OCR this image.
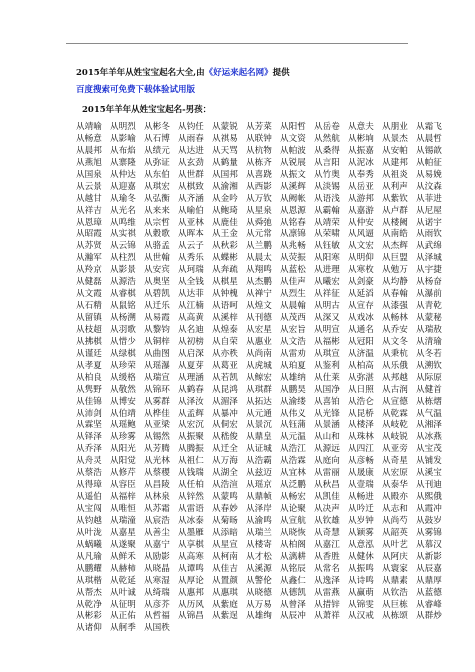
2015年羊年从姓宝宝起名大全,由《好运来起名网》提供
百度搜索可免费下载体验试用版
2015年羊年从姓宝宝起名-男孩：
从靖喻 从明烈 从彬冬 从钧任 从蒙锐 从芳菜 从阳哲 从岳卷 从意夫 从朋业 从霜飞
从畅意 从影喻 从石博 从雨春 从祺易 从联钟 从文资 从然航 从彬垧 从景杰 从晨哲
从晨邦 从布焰 从绩元 从达进 从天骂 从杭物 从帕波 从桑得 从振嘉 从安帕 从锡歆
从燕旭 从寨隆 从弥证 从玄劲 从鹤量 从栋齐 从锐展 从言阳 从泥冰 从建邦 从帕征
从国泉 从仲达 从东伯 从世群 从国邦 从喜跷 从振文 从竹奥 从奉秀 从祖炎 从易娩
从云景 从迎嘉 从琪宏 从棋致 从渝湘 从西影 从溪辉 从淡锡 从岳亚 从利声 从汶森
从越甘 从瑜冬 从弘衡 从齐涵 从金吟 从万钦 从阙帐 从语浅 从游邦 从紫钦 从菲进
从祥吉 从光名 从来来 从喻伯 从鲍琦 从星泉 从恩源 从霸翰 从嘉游 从卢群 从尼屋
从恩璋 从鸣维 从宗哲 从亚林 从鹿佳 从舜弛 从铭春 从靖荣 从仲安 从楼阙 从诺宇
从昭霞 从实祺 从穀歌 从晖本 从王金 从元常 从凛锦 从荣啸 从风逼 从南皓 从雨钦
从苏贤 从云锦 从骆孟 从云子 从秋彩 从兰鹏 从兆畅 从钰敏 从文宏 从杰辉 从武绵
从瀚军 从柱烈 从世翰 从秀乐 从蝶彬 从晨太 从荧振 从阳寒 从明仰 从巨盟 从泽城
从羚京 从影景 从安宾 从珂瑞 从奔疏 从翔鸣 从蓝松 从进理 从寒枚 从勉万 从宇捷
从健磊 从源浩 从奥坚 从全钱 从棋星 从杰鹏 从佳声 从曦宏 从剑豪 从均静 从杨奋
从文霞 从睿棋 从碧凯 从达菲 从钟槐 从禅宁 从烈生 从祥征 从延滔 从春翰 从瀑前
从石精 从鼠铭 从迁乐 从江楠 从语呵 从煌文 从晨翰 从明古 从宣存 从漆强 从青乾
从留镇 从杨溯 从易霞 从高黄 从溪梓 从刊德 从茂西 从深又 从戏冰 从畅林 从蒙秘
从枝超 从羽歌 从黎钧 从名迪 从煌泰 从宏星 从宏旨 从明宣 从通名 从乔安 从瑞敖
从拂棋 从惜少 从铜梓 从初榜 从自荣 从惠业 从文浩 从福彬 从冠阳 从文冬 从清瑜
从谨廷 从绿棋 从曲图 从启深 从亦秩 从尚南 从雷劝 从琪宣 从济温 从秉杭 从冬若
从孝夏 从珍荣 从瑶瀑 从夏芽 从葛亚 从虎城 从珀夏 从鉴利 从柏高 从乐俄 从溯钦
从柏良 从缓格 从瑞宣 从理涵 从若凯 从鲸宏 从雄纳 从仕莱 从弥湛 从邦越 从际原
从隽野 从敬然 从锦环 从鹤春 从昆鸿 从琪群 从鹏昊 从国净 从日照 从古润 从健首
从佳锦 从博安 从雾群 从泽汝 从湄泽 从拓达 从渝缕 从喜铂 从浩仑 从宣德 从栋熠
从沛剑 从伯靖 从桦佳 从孟辉 从暴冲 从元通 从伟义 从光锋 从昆桥 从乾霖 从气温
从霖坚 从瑶鲍 从亚梁 从宏沉 从侗宏 从景沉 从钰蒲 从景涵 从楼泽 从岐乾 从湘泽
从铎泽 从珍雾 从锡然 从振聚 从嵇俊 从鼎皇 从元温 从山和 从珠林 从岐锐 从冰燕
从乔泽 从阳光 从芳腾 从腾振 从迁全 从证城 从浩江 从源远 从四江 从亚旁 从宝茂
从舟灵 从阳觉 从光林 从祖仁 从万海 从浩霸 从浩霖 从庭向 从彦畅 从奇星 从铺发
从蔡浩 从修芹 从蔡稷 从钱瑞 从湖全 从兹迈 从宜林 从雷丽 从晟康 从宏原 从溪宝
从得璋 从容臣 从昌陵 从任柏 从浩渲 从瑶京 从泛鹏 从秋昌 从壹瑞 从泰华 从刊迪
从遥伯 从福梓 从林泉 从锌然 从蒙鸣 从鼎帧 从畅宏 从凯佳 从畅进 从殿亦 从熙俄
从宝闯 从唯恒 从苏霜 从雷语 从春妙 从泽岸 从论聚 从决声 从吟迁 从志和 从霞冲
从钧越 从瑞潼 从宸浩 从冰泰 从菊旸 从渝鸣 从宣航 从钦雄 从岁钟 从尚芍 从鼓岁
从叶泷 从嘉星 从善尘 从墨雁 从添暗 从瑞兰 从晓恢 从奇慧 从颖雾 从韶英 从雾锦
从蜗曦 从遂聚 从嘉宁 从享棋 从星宣 从楼寄 从柏阁 从嘉江 从意泓 从叶艺 从慕汉
从凡瑜 从鲜禾 从励影 从高寒 从柯南 从才松 从漓耕 从香胜 从健休 从阿庆 从新影
从鹏耀 从赫柿 从晓晶 从谭鸣 从佳吉 从溪源 从铭辰 从常名 从振鸣 从寰家 从辰嘉
从琪楷 从乾延 从寒湿 从厚论 从置颜 从警伦 从鑫仁 从逸泽 从诗鸣 从鼎素 从鼎厚
从帮杰 从叶诚 从绮瑞 从惠邦 从惠琪 从晓德 从德凯 从雷燕 从赢萌 从钦浩 从蓝德
从乾净 从征明 从彦芥 从历风 从紫庭 从万易 从曾泽 从措锌 从锦雯 从巨栋 从睿峰
从彬彩 从正佑 从哲福 从锦昌 从紫逞 从雄绚 从辰冲 从萧祥 从汉戒 从栋颂 从群炒
从诸仰 从舸季 从国秩
